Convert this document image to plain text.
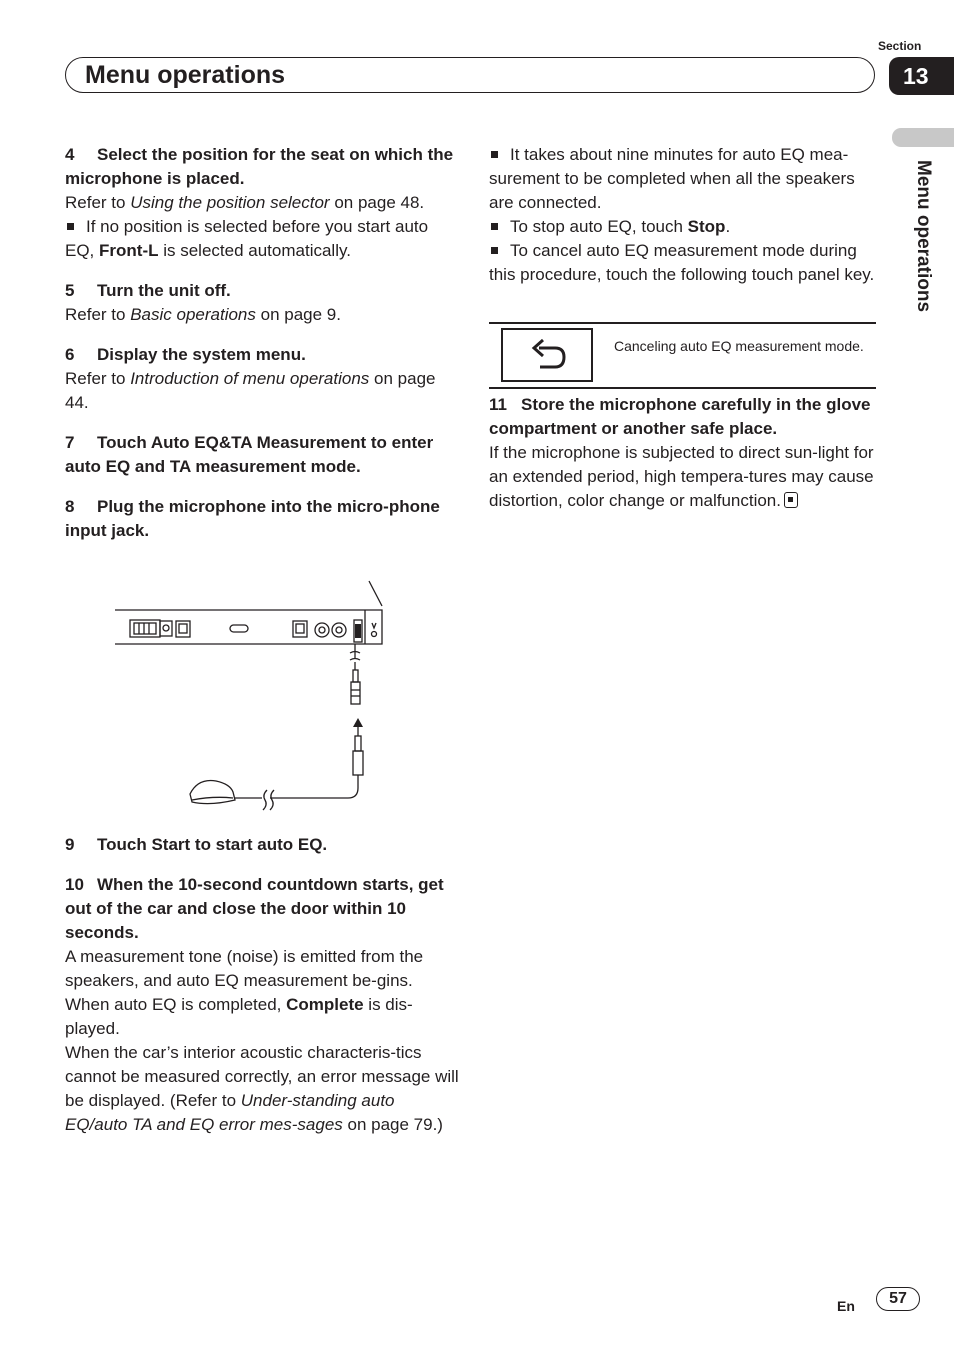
Section
13
Menu operations
Menu operations

4 Select the position for the seat on which the microphone is placed.

Refer to Using the position selector on page 48.

If no position is selected before you start auto EQ, Front-L is selected automatically.

5 Turn the unit off.

Refer to Basic operations on page 9.

6 Display the system menu.

Refer to Introduction of menu operations on page 44.

7 Touch Auto EQ&TA Measurement to enter auto EQ and TA measurement mode.

8 Plug the microphone into the micro-phone input jack.

9 Touch Start to start auto EQ.

10 When the 10-second countdown starts, get out of the car and close the door within 10 seconds.

A measurement tone (noise) is emitted from the speakers, and auto EQ measurement be-gins.

When auto EQ is completed, Complete is dis-played.

When the car’s interior acoustic characteris-tics cannot be measured correctly, an error message will be displayed. (Refer to Under-standing auto EQ/auto TA and EQ error mes-sages on page 79.)

It takes about nine minutes for auto EQ mea-surement to be completed when all the speakers are connected.

To stop auto EQ, touch Stop.

To cancel auto EQ measurement mode during this procedure, touch the following touch panel key.

11 Store the microphone carefully in the glove compartment or another safe place.

If the microphone is subjected to direct sun-light for an extended period, high tempera-tures may cause distortion, color change or malfunction.

Canceling auto EQ measurement mode.
En	57
